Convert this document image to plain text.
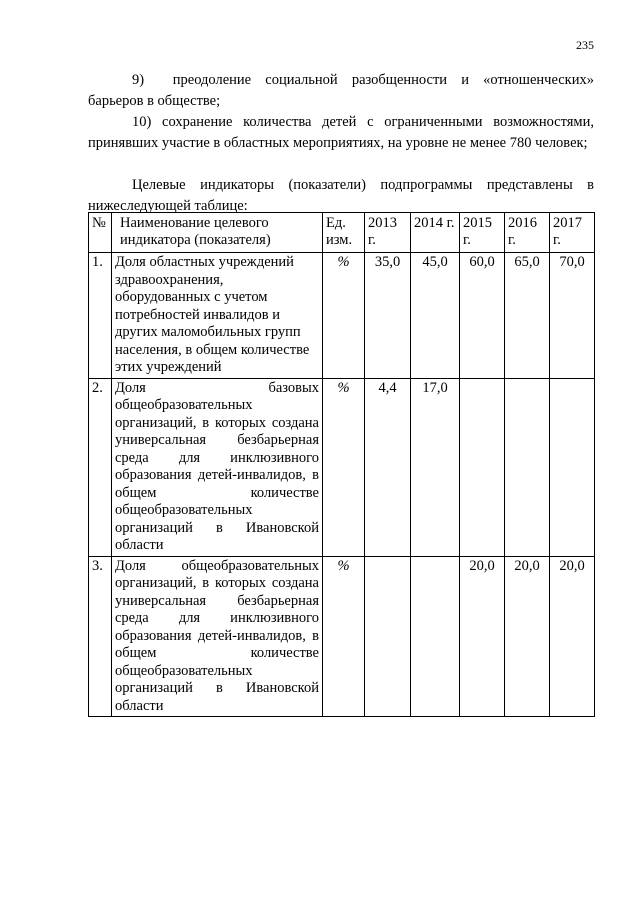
235
9)  преодоление социальной разобщенности и «отношенческих» барьеров в обществе;
10) сохранение количества детей с ограниченными возможностями, принявших участие в областных мероприятиях, на уровне не менее 780 человек;
Целевые индикаторы (показатели) подпрограммы представлены в нижеследующей таблице:
№	Наименование целевого индикатора (показателя)	Ед. изм.	2013 г.	2014 г.	2015 г.	2016 г.	2017 г.
1.	Доля областных учреждений здравоохранения, оборудованных с учетом потребностей инвалидов и других маломобильных групп населения, в общем количестве этих учреждений	%	35,0	45,0	60,0	65,0	70,0
2.	Доля базовых общеобразовательных организаций, в которых создана универсальная безбарьерная среда для инклюзивного образования детей-инвалидов, в общем количестве общеобразовательных организаций в Ивановской области	%	4,4	17,0			
3.	Доля общеобразовательных организаций, в которых создана универсальная безбарьерная среда для инклюзивного образования детей-инвалидов, в общем количестве общеобразовательных организаций в Ивановской области	%			20,0	20,0	20,0
